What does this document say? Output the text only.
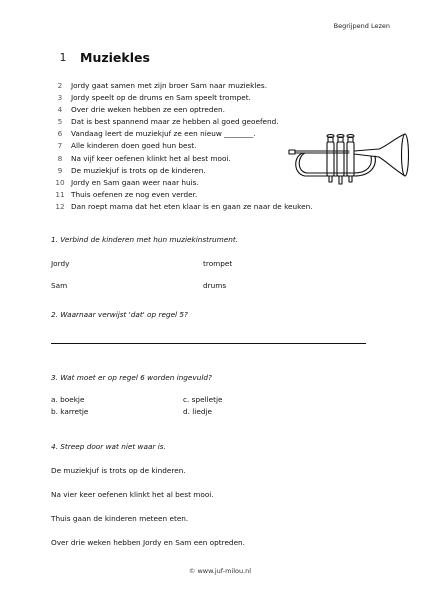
Begrijpend Lezen
1 Muziekles
2	Jordy gaat samen met zijn broer Sam naar muziekles.
3	Jordy speelt op de drums en Sam speelt trompet.
4	Over drie weken hebben ze een optreden.
5	Dat is best spannend maar ze hebben al goed geoefend.
6	Vandaag leert de muziekjuf ze een nieuw ________.
7	Alle kinderen doen goed hun best.
8	Na vijf keer oefenen klinkt het al best mooi.
9	De muziekjuf is trots op de kinderen.
10 Jordy en Sam gaan weer naar huis.
11 Thuis oefenen ze nog even verder.
12 Dan roept mama dat het eten klaar is en gaan ze naar de keuken.
1. Verbind de kinderen met hun muziekinstrument.
Jordy	trompet
Sam	drums
2. Waarnaar verwijst 'dat' op regel 5?
3. Wat moet er op regel 6 worden ingevuld?
a. boekje	c. spelletje
b. karretje	d. liedje
4. Streep door wat niet waar is.
De muziekjuf is trots op de kinderen.
Na vier keer oefenen klinkt het al best mooi.
Thuis gaan de kinderen meteen eten.
Over drie weken hebben Jordy en Sam een optreden.
© www.juf-milou.nl
